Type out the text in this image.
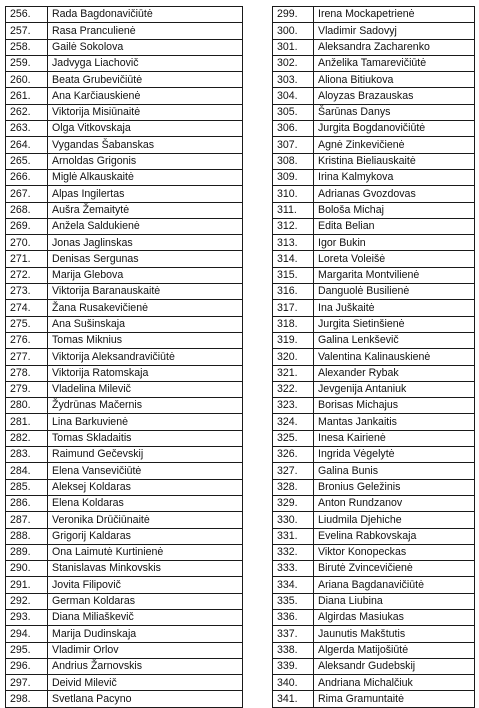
256.	Rada Bagdonavičiūtė
257.	Rasa Pranculienė
258.	Gailė Sokolova
259.	Jadvyga Liachovič
260.	Beata Grubevičiūtė
261.	Ana Karčiauskienė
262.	Viktorija Misiūnaitė
263.	Olga Vitkovskaja
264.	Vygandas Šabanskas
265.	Arnoldas Grigonis
266.	Miglė Alkauskaitė
267.	Alpas Ingilertas
268.	Aušra Žemaitytė
269.	Anželа Saldukienė
270.	Jonas Jaglinskas
271.	Denisas Sergunas
272.	Marija Glebova
273.	Viktorija Baranauskaitė
274.	Žana Rusakevičienė
275.	Ana Sušinskaja
276.	Tomas Miknius
277.	Viktorija Aleksandravičiūtė
278.	Viktorija Ratomskaja
279.	Vladelina Milevič
280.	Žydrūnas Mačernis
281.	Lina Barkuvienė
282.	Tomas Skladaitis
283.	Raimund Gečevskij
284.	Elena Vansevičiūtė
285.	Aleksej Koldaras
286.	Elena Koldaras
287.	Veronika Drūčiūnaitė
288.	Grigorij Kaldaras
289.	Ona Laimutė Kurtinienė
290.	Stanislavas Minkovskis
291.	Jovita Filipovič
292.	German Koldaras
293.	Diana Miliaškevič
294.	Marija Dudinskaja
295.	Vladimir Orlov
296.	Andrius Žarnovskis
297.	Deivid Milevič
298.	Svetlana Pacyno
299.	Irena Mockapetrienė
300.	Vladimir Sadovyj
301.	Aleksandra Zacharenko
302.	Anželika Tamarevičiūtė
303.	Aliona Bitiukova
304.	Aloyzas Brazauskas
305.	Šarūnas Danys
306.	Jurgita Bogdanovičiūtė
307.	Agnė Zinkevičienė
308.	Kristina Bieliauskaitė
309.	Irina Kalmykova
310.	Adrianas Gvozdovas
311.	Bološa Michaj
312.	Edita Belian
313.	Igor Bukin
314.	Loreta Voleišė
315.	Margarita Montvilienė
316.	Danguolė Busilienė
317.	Ina Juškaitė
318.	Jurgita Sietinšienė
319.	Galina Lenkševič
320.	Valentina Kalinauskienė
321.	Alexander Rybak
322.	Jevgenija Antaniuk
323.	Borisas Michajus
324.	Mantas Jankaitis
325.	Inesa Kairienė
326.	Ingrida Vėgelytė
327.	Galina Bunis
328.	Bronius Geležinis
329.	Anton Rundzanov
330.	Liudmila Djehiche
331.	Evelina Rabkovskaja
332.	Viktor Konopeckas
333.	Birutė Zvincevičienė
334.	Ariana Bagdanavičiūtė
335.	Diana Liubina
336.	Algirdas Masiukas
337.	Jaunutis Makštutis
338.	Algerda Matijošiūtė
339.	Aleksandr Gudebskij
340.	Andriana Michalčiuk
341.	Rima Gramuntaitė
